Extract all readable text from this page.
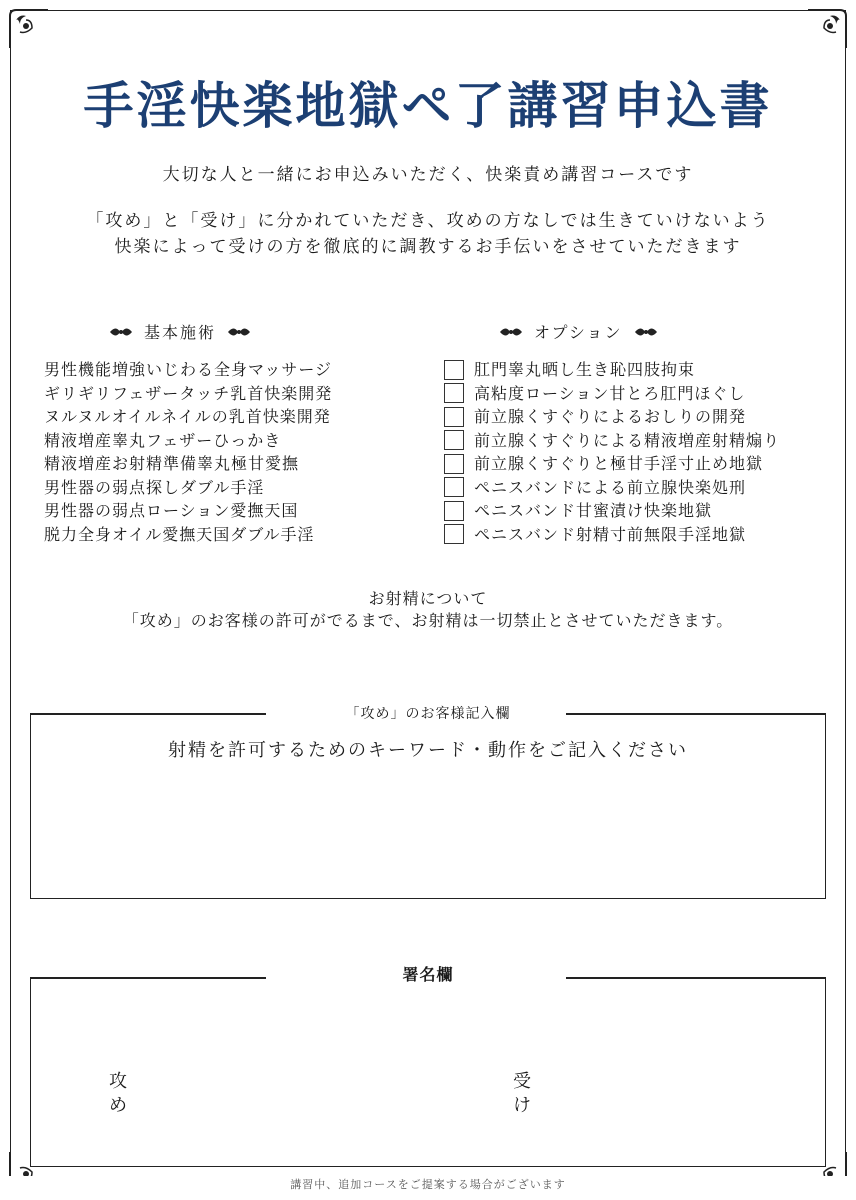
手淫快楽地獄ペ了講習申込書
大切な人と一緒にお申込みいただく、快楽責め講習コースです
「攻め」と「受け」に分かれていただき、攻めの方なしでは生きていけないよう
快楽によって受けの方を徹底的に調教するお手伝いをさせていただきます
基本施術	オプション
男性機能増強いじわる全身マッサージ
ギリギリフェザータッチ乳首快楽開発
ヌルヌルオイルネイルの乳首快楽開発
精液増産睾丸フェザーひっかき
精液増産お射精準備睾丸極甘愛撫
男性器の弱点探しダブル手淫
男性器の弱点ローション愛撫天国
脱力全身オイル愛撫天国ダブル手淫
肛門睾丸晒し生き恥四肢拘束
高粘度ローション甘とろ肛門ほぐし
前立腺くすぐりによるおしりの開発
前立腺くすぐりによる精液増産射精煽り
前立腺くすぐりと極甘手淫寸止め地獄
ペニスバンドによる前立腺快楽処刑
ペニスバンド甘蜜漬け快楽地獄
ペニスバンド射精寸前無限手淫地獄
お射精について
「攻め」のお客様の許可がでるまで、お射精は一切禁止とさせていただきます。
「攻め」のお客様記入欄
射精を許可するためのキーワード・動作をご記入ください
署名欄
攻
め
受
け
講習中、追加コースをご提案する場合がございます
